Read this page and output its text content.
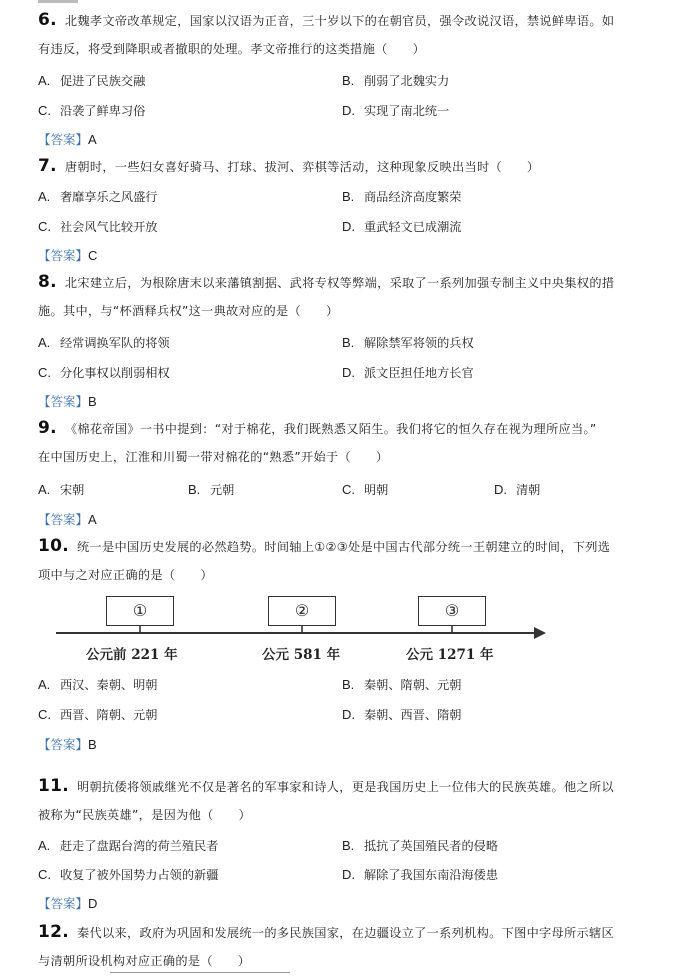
6. 北魏孝文帝改革规定，国家以汉语为正音，三十岁以下的在朝官员，强令改说汉语，禁说鲜卑语。如
有违反，将受到降职或者撤职的处理。孝文帝推行的这类措施（　　）
A. 促进了民族交融	B. 削弱了北魏实力
C. 沿袭了鲜卑习俗	D. 实现了南北统一
【答案】A
7. 唐朝时，一些妇女喜好骑马、打球、拔河、弈棋等活动，这种现象反映出当时（　　）
A. 奢靡享乐之风盛行	B. 商品经济高度繁荣
C. 社会风气比较开放	D. 重武轻文已成潮流
【答案】C
8. 北宋建立后，为根除唐末以来藩镇割据、武将专权等弊端，采取了一系列加强专制主义中央集权的措
施。其中，与“杯酒释兵权”这一典故对应的是（　　）
A. 经常调换军队的将领	B. 解除禁军将领的兵权
C. 分化事权以削弱相权	D. 派文臣担任地方长官
【答案】B
9. 《棉花帝国》一书中提到：“对于棉花，我们既熟悉又陌生。我们将它的恒久存在视为理所应当。”
在中国历史上，江淮和川蜀一带对棉花的“熟悉”开始于（　　）
A. 宋朝	B. 元朝	C. 明朝	D. 清朝
【答案】A
10. 统一是中国历史发展的必然趋势。时间轴上①②③处是中国古代部分统一王朝建立的时间，下列选
项中与之对应正确的是（　　）
①	②	③
公元前 221 年	公元 581 年	公元 1271 年
A. 西汉、秦朝、明朝	B. 秦朝、隋朝、元朝
C. 西晋、隋朝、元朝	D. 秦朝、西晋、隋朝
【答案】B
11. 明朝抗倭将领戚继光不仅是著名的军事家和诗人，更是我国历史上一位伟大的民族英雄。他之所以
被称为“民族英雄”，是因为他（　　）
A. 赶走了盘踞台湾的荷兰殖民者	B. 抵抗了英国殖民者的侵略
C. 收复了被外国势力占领的新疆	D. 解除了我国东南沿海倭患
【答案】D
12. 秦代以来，政府为巩固和发展统一的多民族国家，在边疆设立了一系列机构。下图中字母所示辖区
与清朝所设机构对应正确的是（　　）
